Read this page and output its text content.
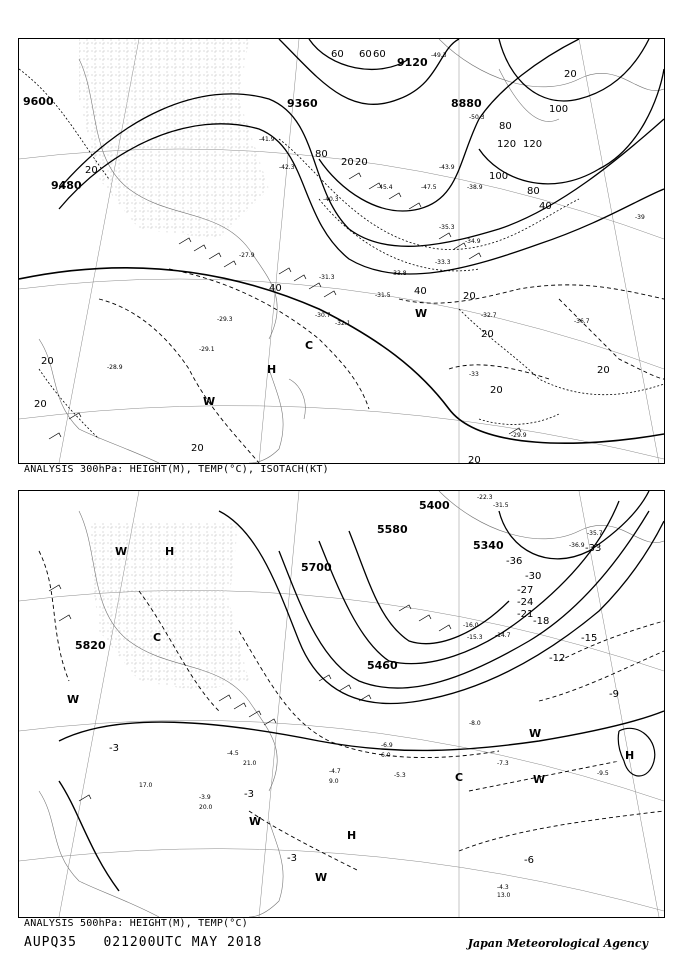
9360
9120
8880
9480
9600
20
20
80
20
40
60
100
120
100
80
20
60
40
80
120
40
20
20
20
20
20
20
20
60
20
-31.5
-33.3
-29.1
-32.7
-36.7
-29.9
-33
-39
-45.4
-40.3
-34.9
-30.7
-32.1
-31.3
-27.9
-29.3
-28.9
-41.9
-42.3
-49.3
-50.3
-47.5
-43.9
-38.9
-35.3
-33.8
H
W
W
C
ANALYSIS 300hPa: HEIGHT(M), TEMP(°C), ISOTACH(KT)
5820
5700
5580
5400
5340
5460
-33
-36
-30
-27
-24
-21
-18
-15
-12
-9
-6
-3
-3
-3
-7.3
-4.3
13.0
-9.5
-8.0
-5.3
17.0
-6.9
6.0
-4.5
21.0
-4.7
9.0
-3.9
20.0
-22.3
-31.5
-35.7
-36.9
-16.0
-15.3 -14.7
H
W	H
C
W
W
H
W
W
C	W
ANALYSIS 500hPa: HEIGHT(M), TEMP(°C)
AUPQ35 021200UTC MAY 2018	Japan Meteorological Agency
